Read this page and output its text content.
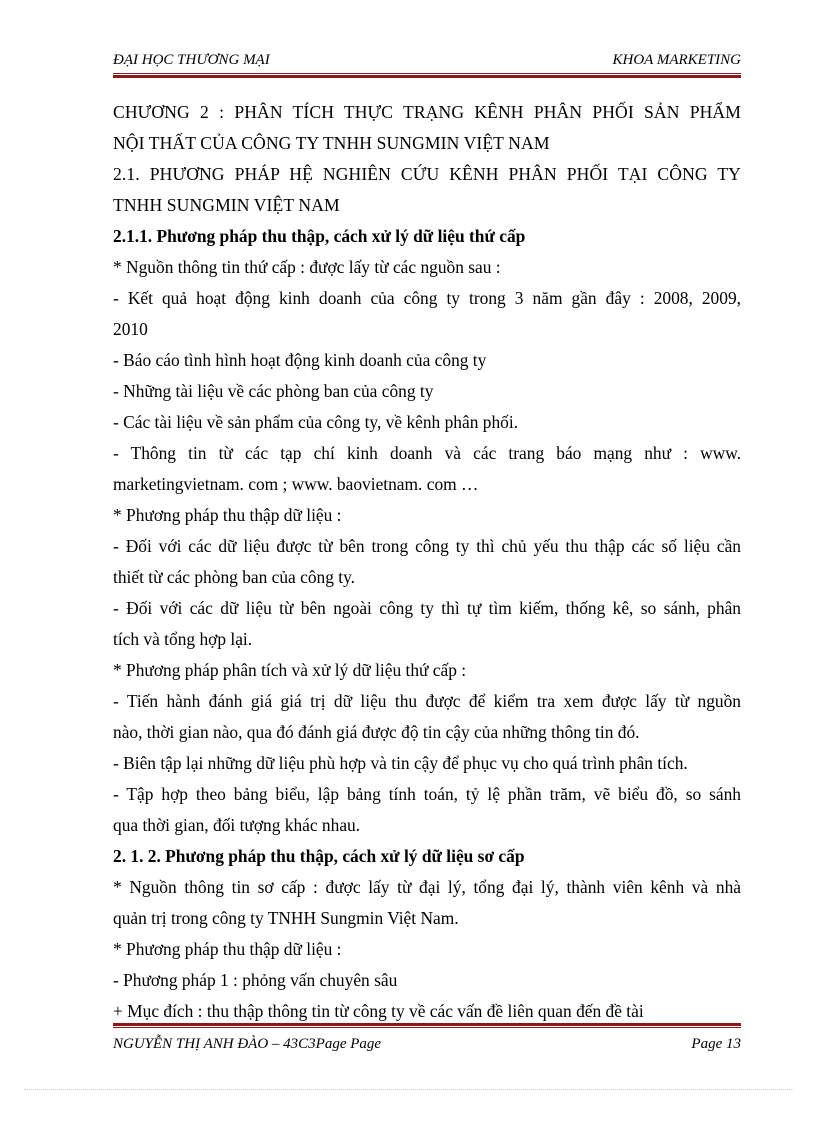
ĐẠI HỌC THƯƠNG MẠI	KHOA MARKETING

CHƯƠNG 2 : PHÂN TÍCH THỰC TRẠNG KÊNH PHÂN PHỐI SẢN PHẨM

NỘI THẤT CỦA CÔNG TY TNHH SUNGMIN VIỆT NAM

2.1. PHƯƠNG PHÁP HỆ NGHIÊN CỨU KÊNH PHÂN PHỐI TẠI CÔNG TY

TNHH SUNGMIN VIỆT NAM

2.1.1. Phương pháp thu thập, cách xử lý dữ liệu thứ cấp

* Nguồn thông tin thứ cấp : được lấy từ các nguồn sau :

- Kết quả hoạt động kinh doanh của công ty trong 3 năm gần đây : 2008, 2009,

2010

- Báo cáo tình hình hoạt động kinh doanh của công ty

- Những tài liệu về các phòng ban của công ty

- Các tài liệu về sản phẩm của công ty, về kênh phân phối.

- Thông tin từ các tạp chí kinh doanh và các trang báo mạng như : www.

marketingvietnam. com ; www. baovietnam. com …

* Phương pháp thu thập dữ liệu :

- Đối với các dữ liệu được từ bên trong công ty thì chủ yếu thu thập các số liệu cần

thiết từ các phòng ban của công ty.

- Đối với các dữ liệu từ bên ngoài công ty thì tự tìm kiếm, thống kê, so sánh, phân

tích và tổng hợp lại.

* Phương pháp phân tích và xử lý dữ liệu thứ cấp :

- Tiến hành đánh giá giá trị dữ liệu thu được để kiểm tra xem được lấy từ nguồn

nào, thời gian nào, qua đó đánh giá được độ tin cậy của những thông tin đó.

- Biên tập lại những dữ liệu phù hợp và tin cậy để phục vụ cho quá trình phân tích.

- Tập hợp theo bảng biểu, lập bảng tính toán, tỷ lệ phần trăm, vẽ biểu đồ, so sánh

qua thời gian, đối tượng khác nhau.

2. 1. 2. Phương pháp thu thập, cách xử lý dữ liệu sơ cấp

* Nguồn thông tin sơ cấp : được lấy từ đại lý, tổng đại lý, thành viên kênh và nhà

quản trị trong công ty TNHH Sungmin Việt Nam.

* Phương pháp thu thập dữ liệu :

- Phương pháp 1 : phỏng vấn chuyên sâu

+ Mục đích : thu thập thông tin từ công ty về các vấn đề liên quan đến đề tài

NGUYỄN THỊ ANH ĐÀO – 43C3Page Page	Page 13
